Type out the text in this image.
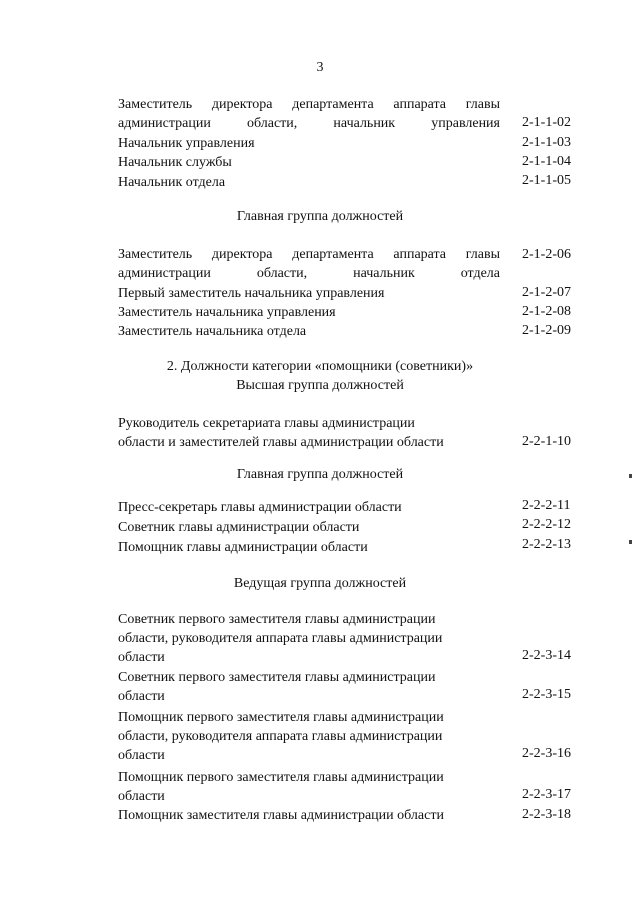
3
Заместитель директора департамента аппарата главы
администрации области, начальник управления 2-1-1-02
Начальник управления	2-1-1-03
Начальник службы	2-1-1-04
Начальник отдела	2-1-1-05
Главная группа должностей
Заместитель директора департамента аппарата главы
администрации области, начальник отдела
2-1-2-06
Первый заместитель начальника управления	2-1-2-07
Заместитель начальника управления	2-1-2-08
Заместитель начальника отдела	2-1-2-09
2. Должности категории «помощники (советники)»
Высшая группа должностей
Руководитель секретариата главы администрации
области и заместителей главы администрации области	2-2-1-10
Главная группа должностей
Пресс-секретарь главы администрации области	2-2-2-11
Советник главы администрации области	2-2-2-12
Помощник главы администрации области	2-2-2-13
Ведущая группа должностей
Советник первого заместителя главы администрации
области, руководителя аппарата главы администрации
области	2-2-3-14
Советник первого заместителя главы администрации
области	2-2-3-15
Помощник первого заместителя главы администрации
области, руководителя аппарата главы администрации
области	2-2-3-16
Помощник первого заместителя главы администрации
области	2-2-3-17
Помощник заместителя главы администрации области	2-2-3-18
